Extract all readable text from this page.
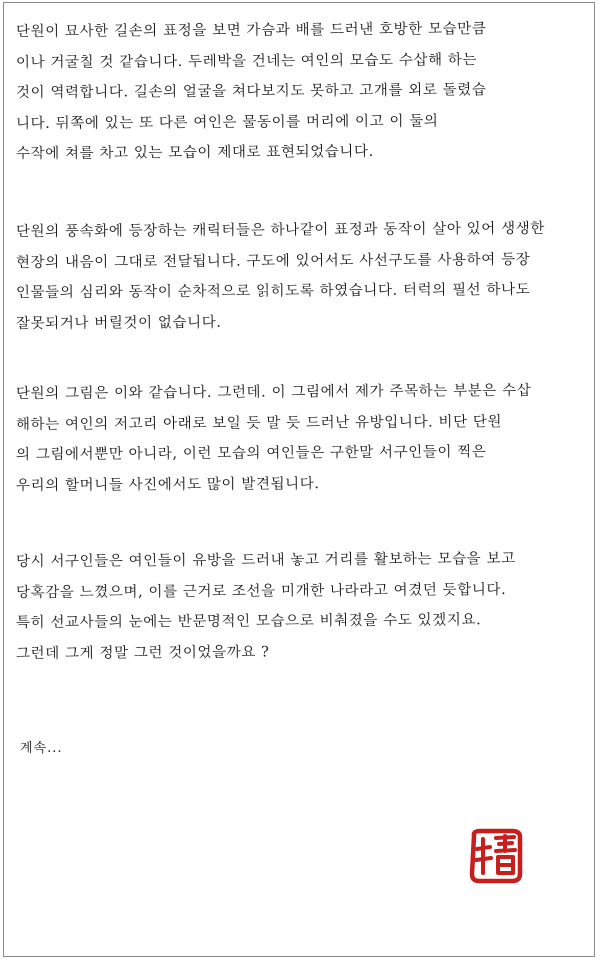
단원이 묘사한 길손의 표정을 보면 가슴과 배를 드러낸 호방한 모습만큼
이나 거굴칠 것 같습니다. 두레박을 건네는 여인의 모습도 수삽해 하는
것이 역력합니다. 길손의 얼굴을 쳐다보지도 못하고 고개를 외로 돌렸습
니다. 뒤쪽에 있는 또 다른 여인은 물동이를 머리에 이고 이 둘의
수작에 쳐를 차고 있는 모습이 제대로 표현되었습니다.
단원의 풍속화에 등장하는 캐릭터들은 하나같이 표정과 동작이 살아 있어 생생한
현장의 내음이 그대로 전달됩니다. 구도에 있어서도 사선구도를 사용하여 등장
인물들의 심리와 동작이 순차적으로 읽히도록 하였습니다. 터럭의 필선 하나도
잘못되거나 버릴것이 없습니다.
단원의 그림은 이와 같습니다. 그런데. 이 그림에서 제가 주목하는 부분은 수삽
해하는 여인의 저고리 아래로 보일 듯 말 듯 드러난 유방입니다. 비단 단원
의 그림에서뿐만 아니라, 이런 모습의 여인들은 구한말 서구인들이 찍은
우리의 할머니들 사진에서도 많이 발견됩니다.
당시 서구인들은 여인들이 유방을 드러내 놓고 거리를 활보하는 모습을 보고
당혹감을 느꼈으며, 이를 근거로 조선을 미개한 나라라고 여겼던 듯합니다.
특히 선교사들의 눈에는 반문명적인 모습으로 비춰졌을 수도 있겠지요.
그런데 그게 정말 그런 것이었을까요 ?
계속...
